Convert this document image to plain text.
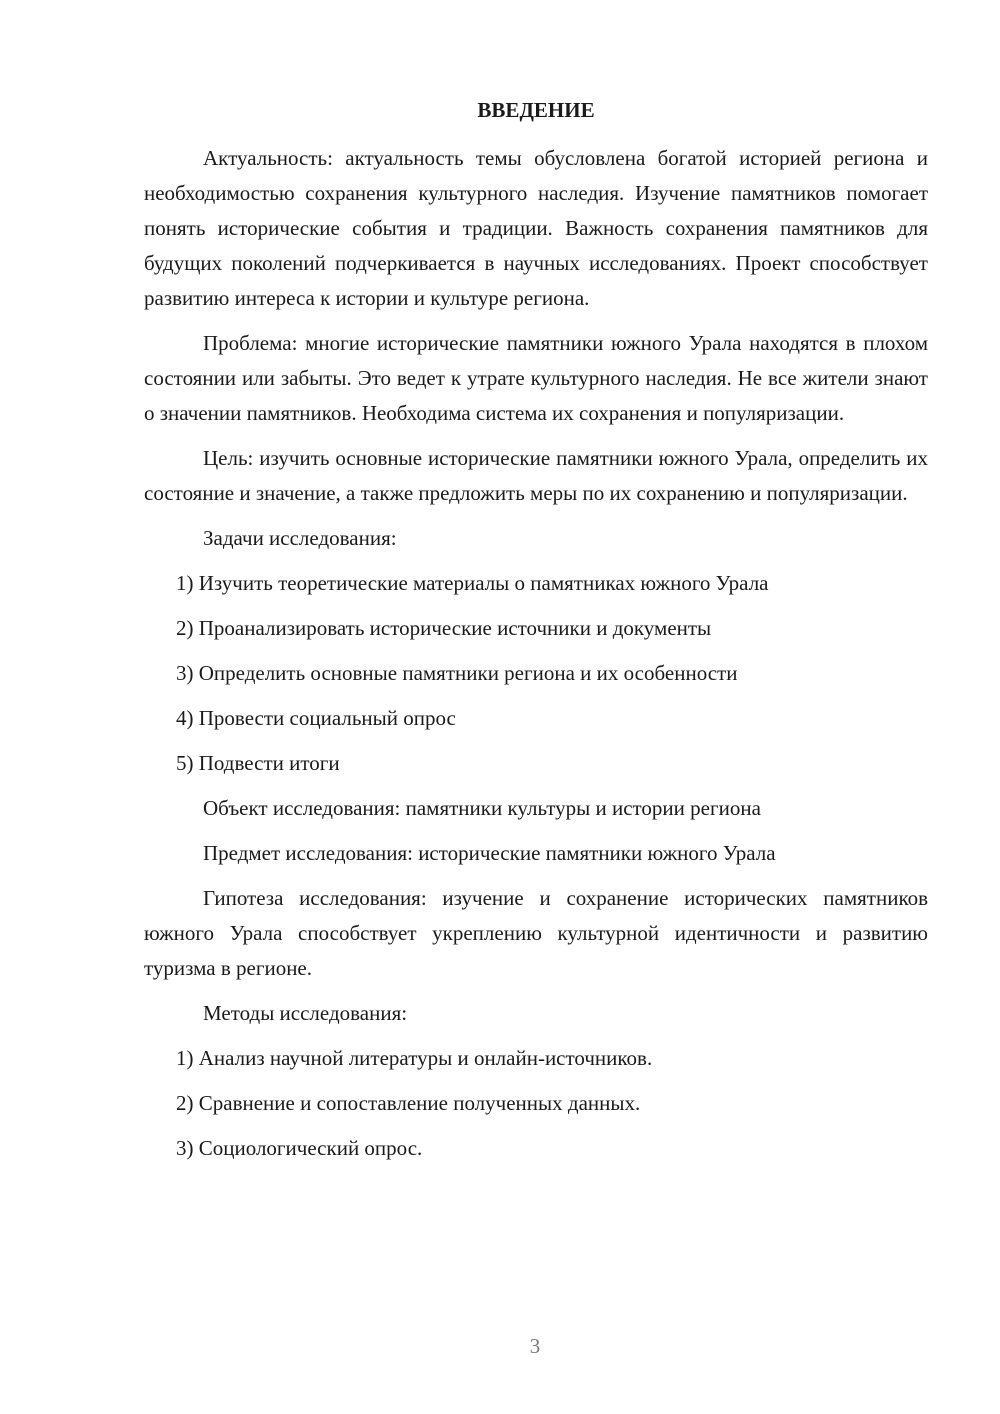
ВВЕДЕНИЕ

Актуальность: актуальность темы обусловлена богатой историей региона и необходимостью сохранения культурного наследия. Изучение памятников помогает понять исторические события и традиции. Важность сохранения памятников для будущих поколений подчеркивается в научных исследованиях. Проект способствует развитию интереса к истории и культуре региона.

Проблема: многие исторические памятники южного Урала находятся в плохом состоянии или забыты. Это ведет к утрате культурного наследия. Не все жители знают о значении памятников. Необходима система их сохранения и популяризации.

Цель: изучить основные исторические памятники южного Урала, определить их состояние и значение, а также предложить меры по их сохранению и популяризации.

Задачи исследования:

1) Изучить теоретические материалы о памятниках южного Урала

2) Проанализировать исторические источники и документы

3) Определить основные памятники региона и их особенности

4) Провести социальный опрос

5) Подвести итоги

Объект исследования: памятники культуры и истории региона

Предмет исследования: исторические памятники южного Урала

Гипотеза исследования: изучение и сохранение исторических памятников южного Урала способствует укреплению культурной идентичности и развитию туризма в регионе.

Методы исследования:

1) Анализ научной литературы и онлайн-источников.

2) Сравнение и сопоставление полученных данных.

3) Социологический опрос.

3
